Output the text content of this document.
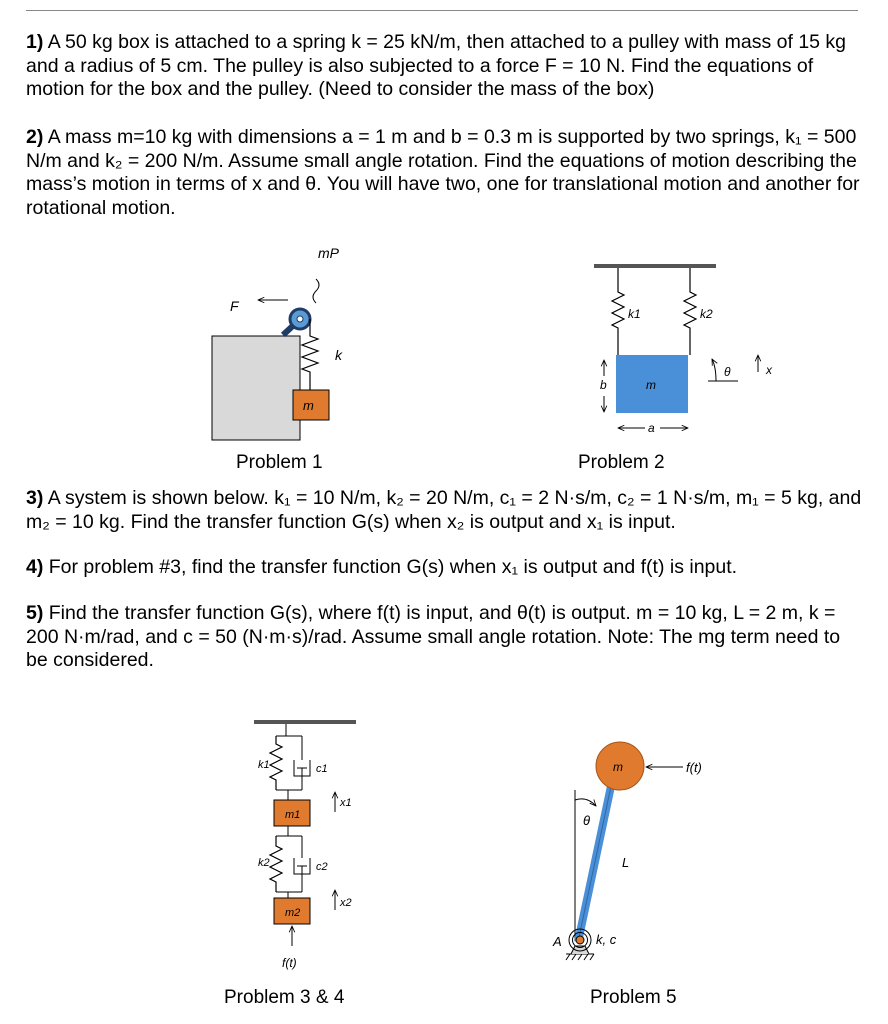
1) A 50 kg box is attached to a spring k = 25 kN/m, then attached to a pulley with mass of 15 kg and a radius of 5 cm. The pulley is also subjected to a force F = 10 N. Find the equations of motion for the box and the pulley. (Need to consider the mass of the box)

2) A mass m=10 kg with dimensions a = 1 m and b = 0.3 m is supported by two springs, k₁ = 500 N/m and k₂ = 200 N/m. Assume small angle rotation. Find the equations of motion describing the mass’s motion in terms of x and θ. You will have two, one for translational motion and another for rotational motion.

3) A system is shown below. k₁ = 10 N/m, k₂ = 20 N/m, c₁ = 2 N·s/m, c₂ = 1 N·s/m, m₁ = 5 kg, and m₂ = 10 kg. Find the transfer function G(s) when x₂ is output and x₁ is input.

4) For problem #3, find the transfer function G(s) when x₁ is output and f(t) is input.

5) Find the transfer function G(s), where f(t) is input, and θ(t) is output. m = 10 kg, L = 2 m, k = 200 N·m/rad, and c = 50 (N·m·s)/rad. Assume small angle rotation. Note: The mg term need to be considered.

F
mP
k
m
Problem 1
k1	k2
m
b
a
θ	x
Problem 2
k1	c1
m1
x1
k2	c2
m2
x2
f(t)
Problem 3 & 4
m	f(t)
θ
L
A	k, c
Problem 5
